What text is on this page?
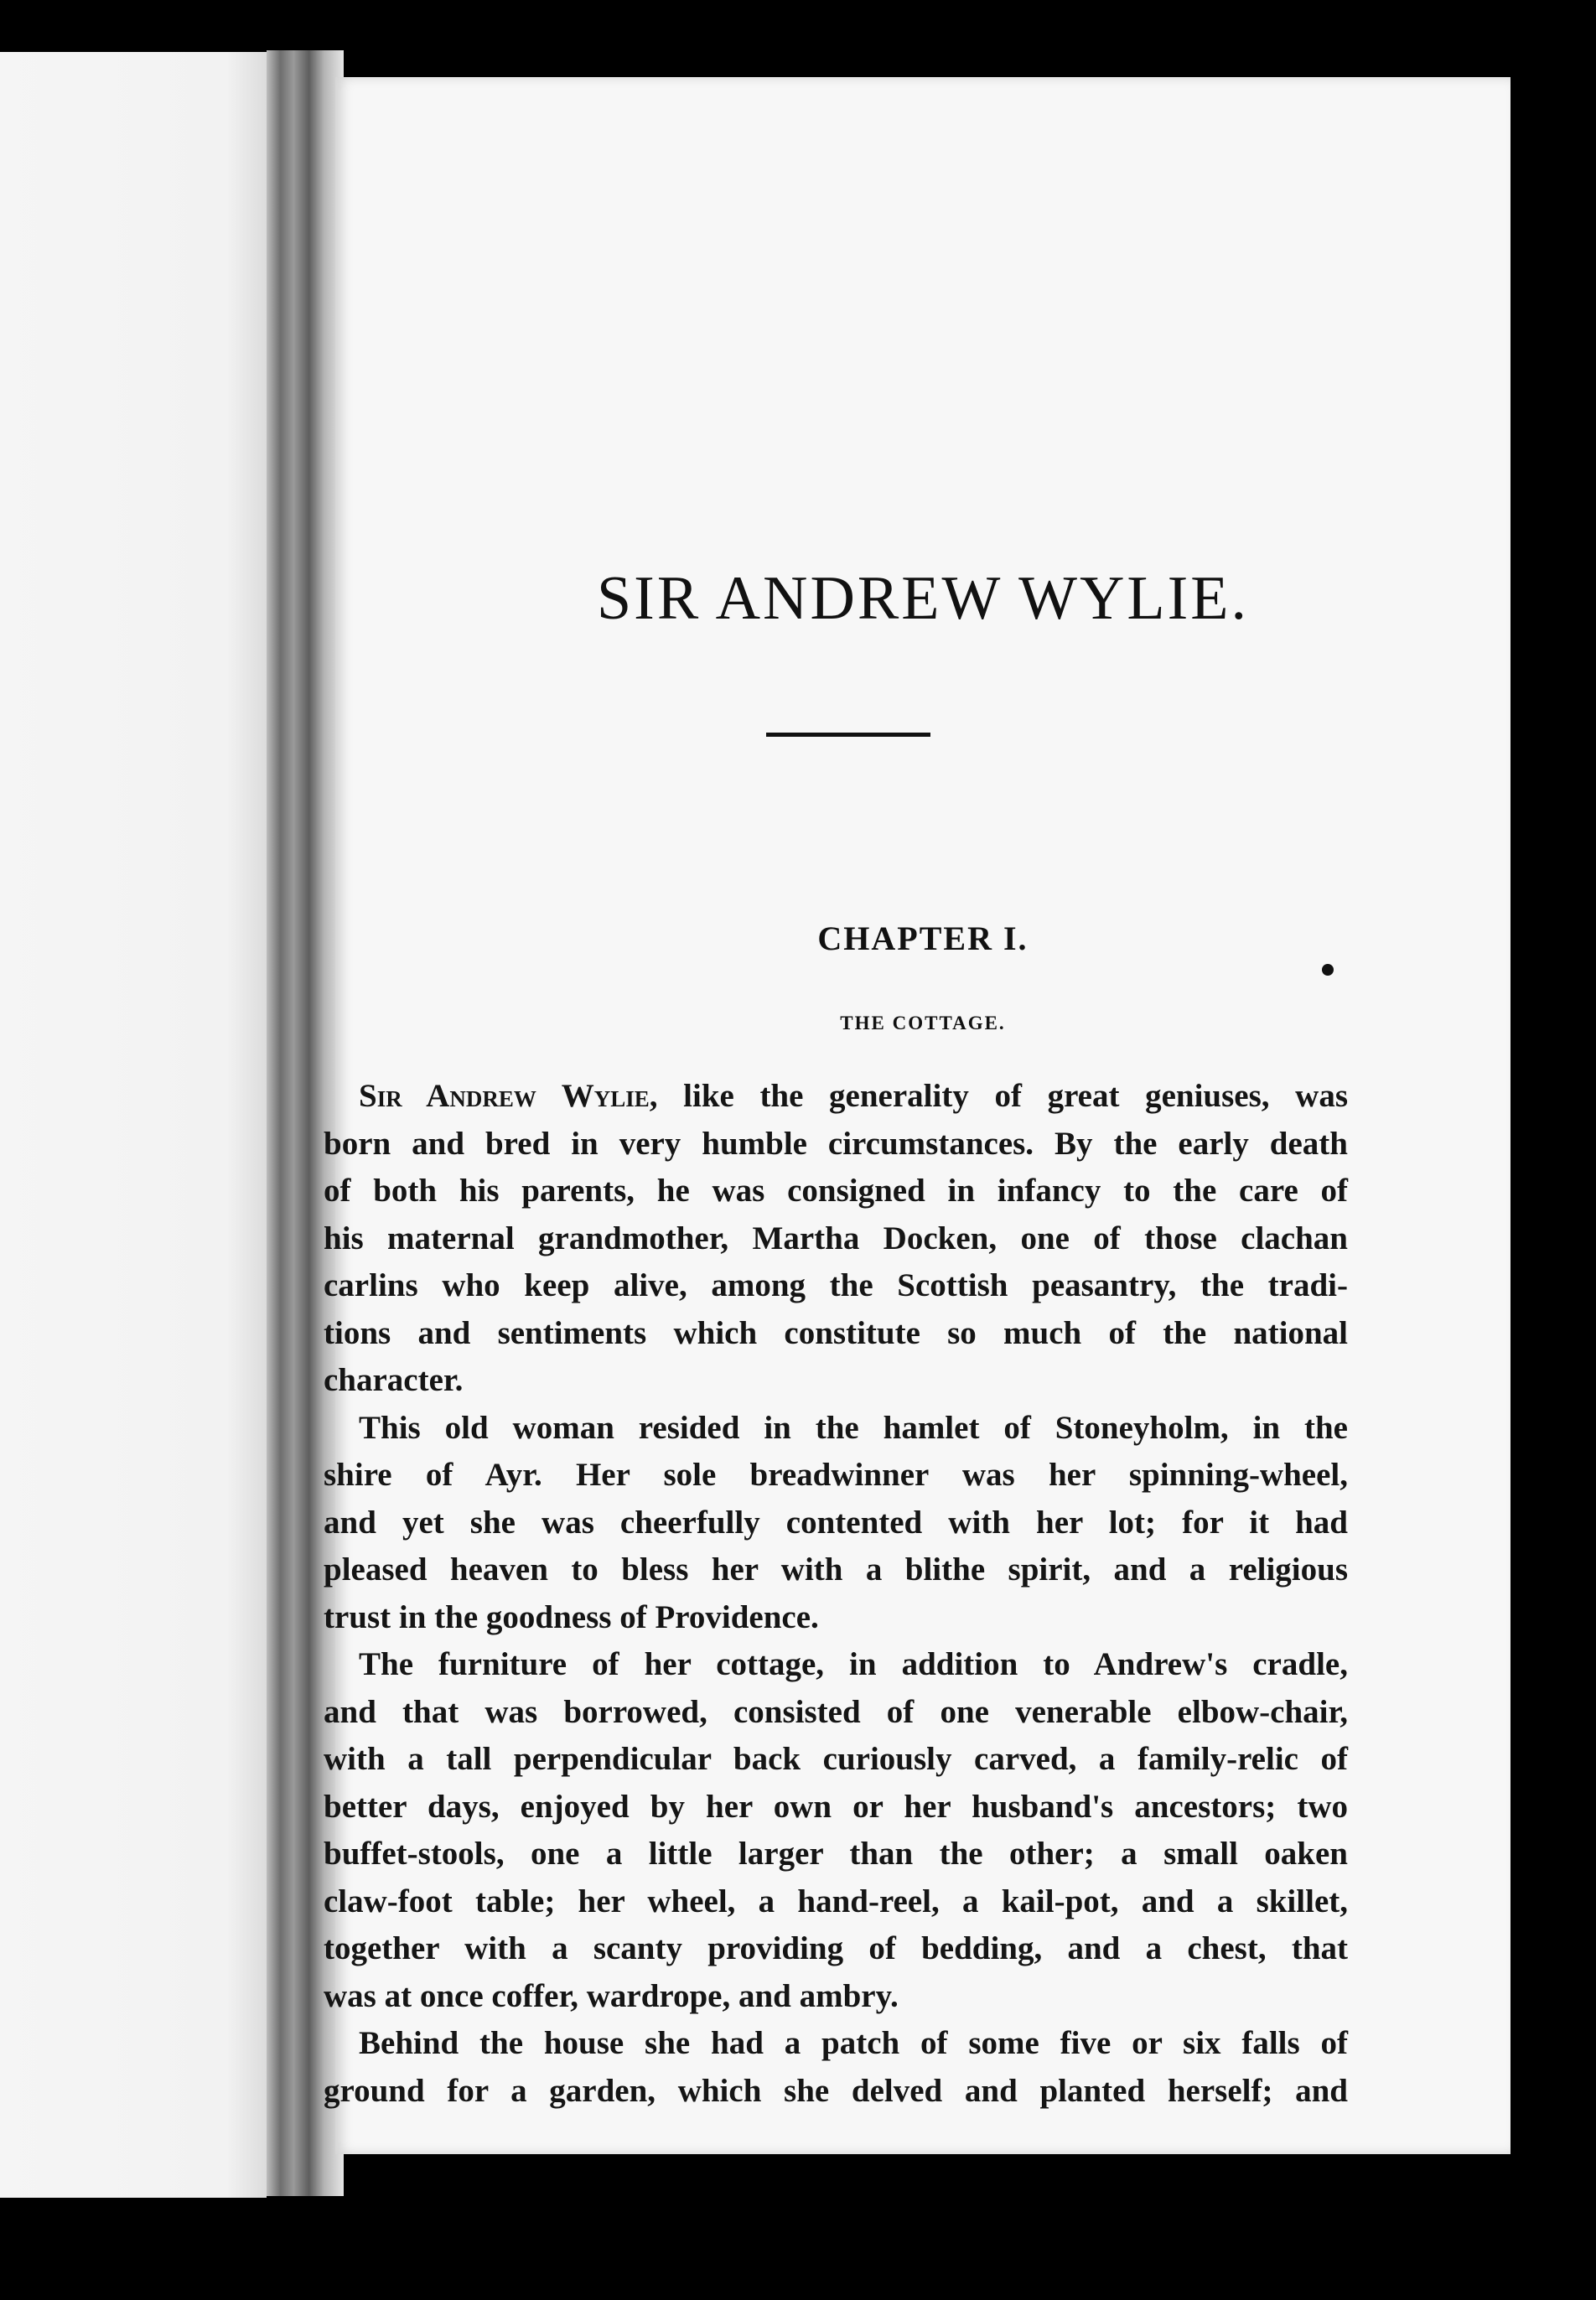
SIR ANDREW WYLIE.
CHAPTER I.
THE COTTAGE.
Sir Andrew Wylie, like the generality of great geniuses, was
born and bred in very humble circumstances. By the early death
of both his parents, he was consigned in infancy to the care of
his maternal grandmother, Martha Docken, one of those clachan
carlins who keep alive, among the Scottish peasantry, the tradi-
tions and sentiments which constitute so much of the national
character.
This old woman resided in the hamlet of Stoneyholm, in the
shire of Ayr. Her sole breadwinner was her spinning-wheel,
and yet she was cheerfully contented with her lot; for it had
pleased heaven to bless her with a blithe spirit, and a religious
trust in the goodness of Providence.
The furniture of her cottage, in addition to Andrew's cradle,
and that was borrowed, consisted of one venerable elbow-chair,
with a tall perpendicular back curiously carved, a family-relic of
better days, enjoyed by her own or her husband's ancestors; two
buffet-stools, one a little larger than the other; a small oaken
claw-foot table; her wheel, a hand-reel, a kail-pot, and a skillet,
together with a scanty providing of bedding, and a chest, that
was at once coffer, wardrope, and ambry.
Behind the house she had a patch of some five or six falls of
ground for a garden, which she delved and planted herself; and
